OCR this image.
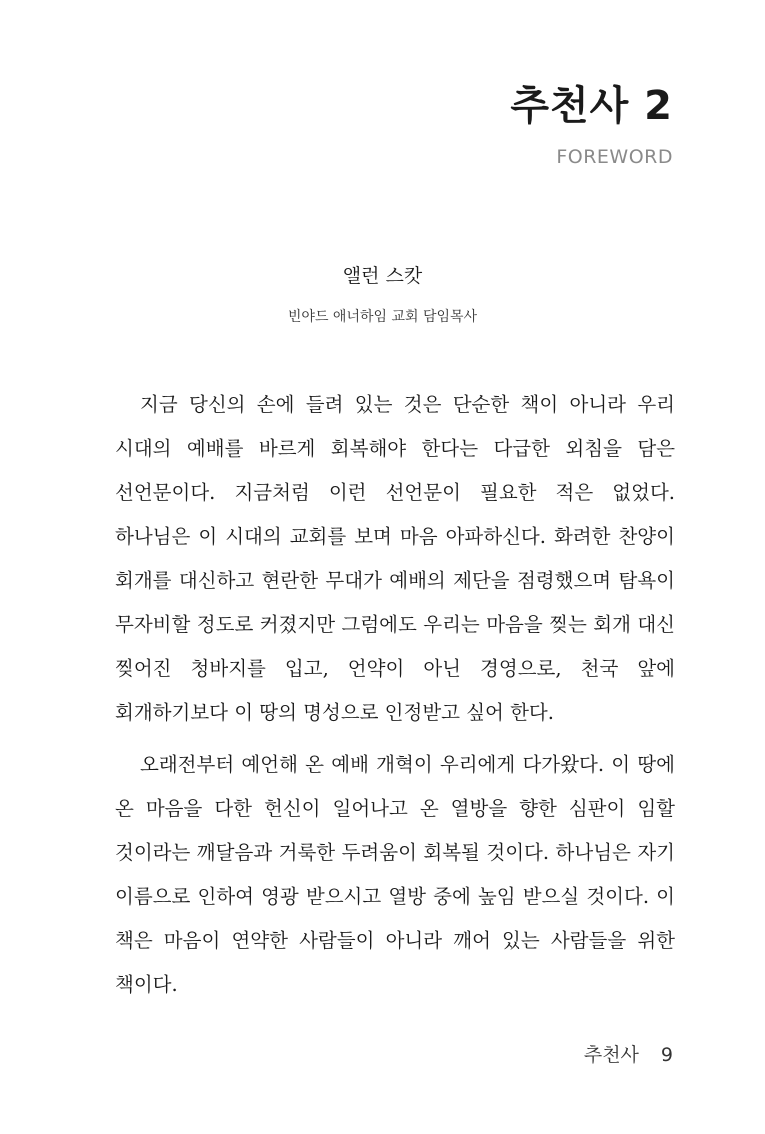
추천사 2
FOREWORD
앨런 스캇
빈야드 애너하임 교회 담임목사

지금 당신의 손에 들려 있는 것은 단순한 책이 아니라 우리 시대의 예배를 바르게 회복해야 한다는 다급한 외침을 담은 선언문이다. 지금처럼 이런 선언문이 필요한 적은 없었다. 하나님은 이 시대의 교회를 보며 마음 아파하신다. 화려한 찬양이 회개를 대신하고 현란한 무대가 예배의 제단을 점령했으며 탐욕이 무자비할 정도로 커졌지만 그럼에도 우리는 마음을 찢는 회개 대신 찢어진 청바지를 입고, 언약이 아닌 경영으로, 천국 앞에 회개하기보다 이 땅의 명성으로 인정받고 싶어 한다.

오래전부터 예언해 온 예배 개혁이 우리에게 다가왔다. 이 땅에 온 마음을 다한 헌신이 일어나고 온 열방을 향한 심판이 임할 것이라는 깨달음과 거룩한 두려움이 회복될 것이다. 하나님은 자기 이름으로 인하여 영광 받으시고 열방 중에 높임 받으실 것이다. 이 책은 마음이 연약한 사람들이 아니라 깨어 있는 사람들을 위한 책이다.

추천사 9
